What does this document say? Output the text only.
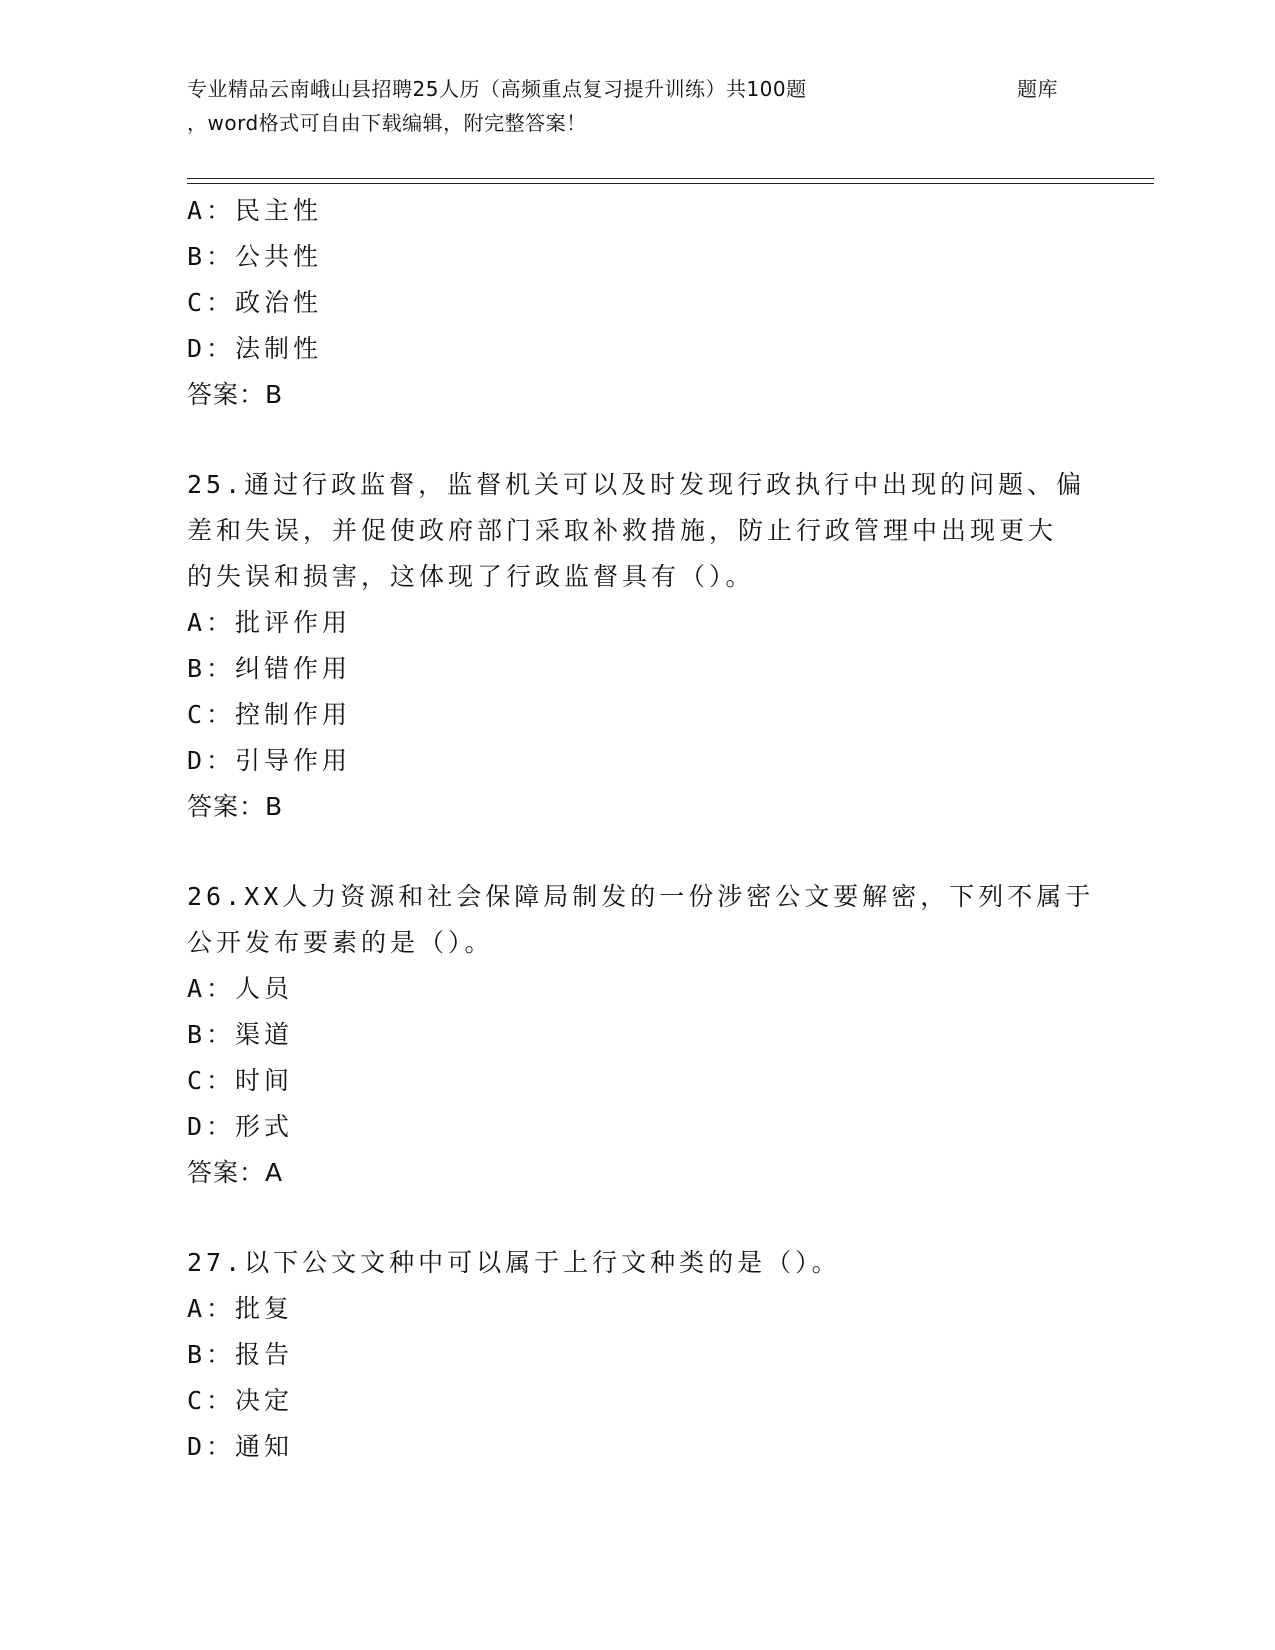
专业精品云南峨山县招聘25人历（高频重点复习提升训练）共100题	题库
，word格式可自由下载编辑，附完整答案！
A：民主性
B：公共性
C：政治性
D：法制性
答案：B
25.通过行政监督，监督机关可以及时发现行政执行中出现的问题、偏
差和失误，并促使政府部门采取补救措施，防止行政管理中出现更大
的失误和损害，这体现了行政监督具有（）。
A：批评作用
B：纠错作用
C：控制作用
D：引导作用
答案：B
26.XX人力资源和社会保障局制发的一份涉密公文要解密，下列不属于
公开发布要素的是（）。
A：人员
B：渠道
C：时间
D：形式
答案：A
27.以下公文文种中可以属于上行文种类的是（）。
A：批复
B：报告
C：决定
D：通知
